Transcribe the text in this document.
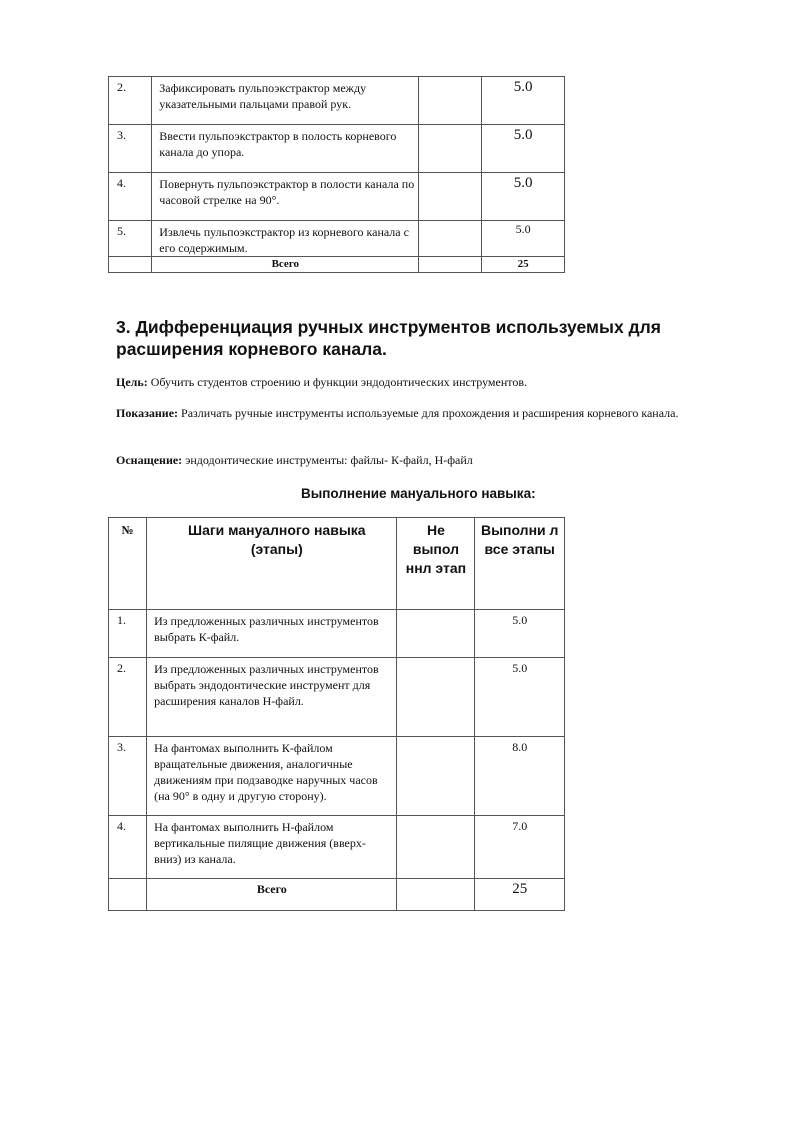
2.	Зафиксировать пульпоэкстрактор между указательными пальцами правой рук.		5.0
3.	Ввести пульпоэкстрактор в полость корневого канала до упора.		5.0
4.	Повернуть пульпоэкстрактор в полости канала по часовой стрелке на 90°.		5.0
5.	Извлечь пульпоэкстрактор из корневого канала с его содержимым.		5.0
	Всего		25
3. Дифференциация ручных инструментов используемых для расширения корневого канала.

Цель: Обучить студентов строению и функции эндодонтических инструментов.

Показание: Различать ручные инструменты используемые для прохождения и расширения корневого канала.

Оснащение: эндодонтические инструменты: файлы- К-файл, Н-файл

Выполнение мануального навыка:

№	Шаги мануалного навыка (этапы)	Не выпол ннл этап	Выполни л все этапы
1.	Из предложенных различных инструментов выбрать К-файл.		5.0
2.	Из предложенных различных инструментов выбрать эндодонтические инструмент для расширения каналов Н-файл.		5.0
3.	На фантомах выполнить К-файлом вращательные движения, аналогичные движениям при подзаводке наручных часов (на 90° в одну и другую сторону).		8.0
4.	На фантомах выполнить Н-файлом вертикальные пилящие движения (вверх-вниз) из канала.		7.0
	Всего		25
